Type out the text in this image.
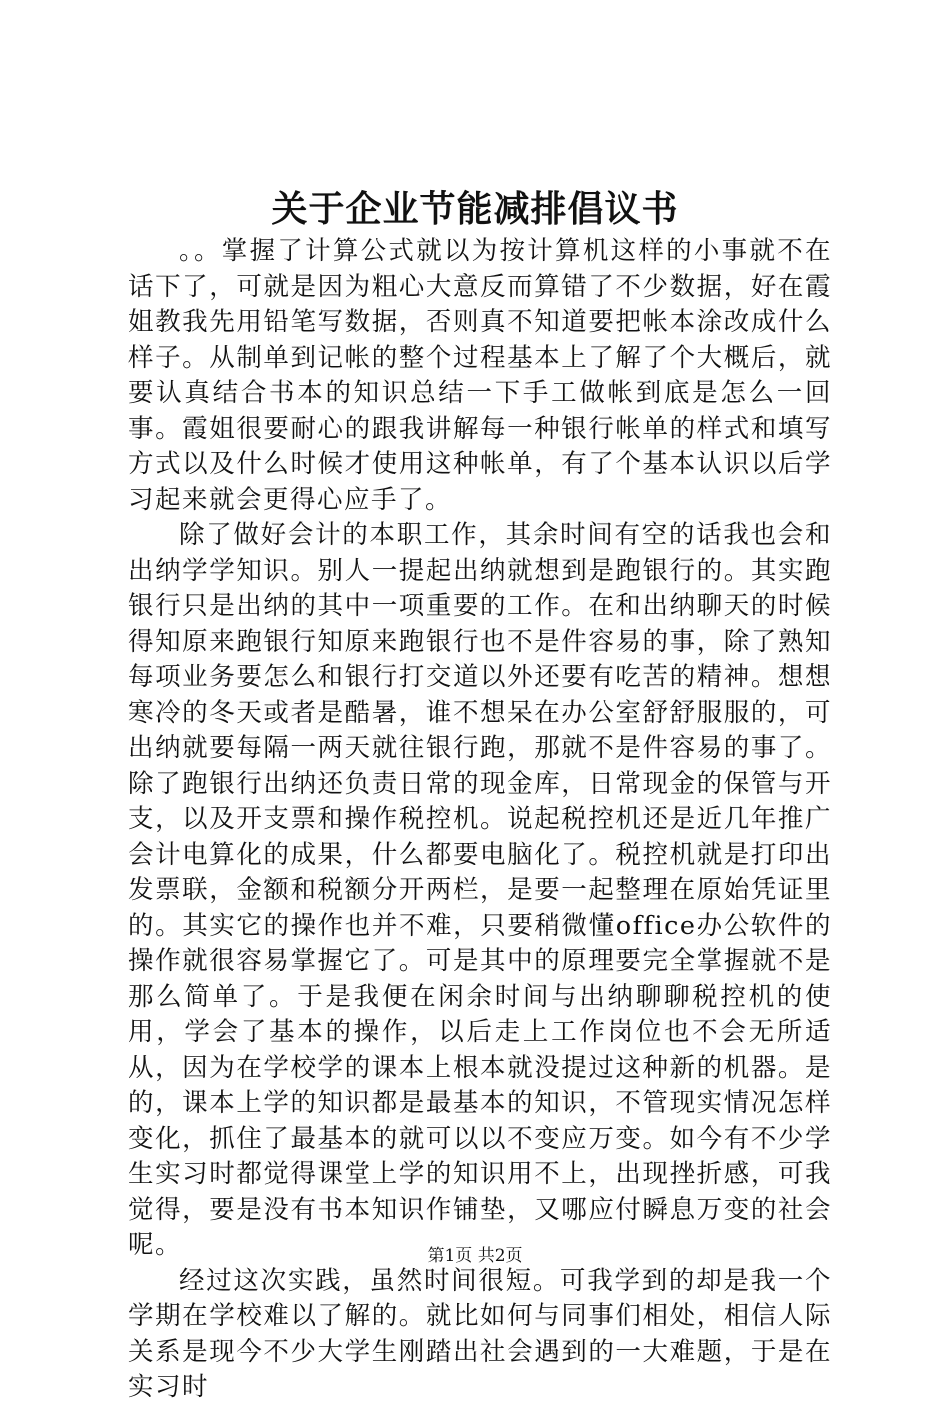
关于企业节能减排倡议书

。。掌握了计算公式就以为按计算机这样的小事就不在话下了，可就是因为粗心大意反而算错了不少数据，好在霞姐教我先用铅笔写数据，否则真不知道要把帐本涂改成什么样子。从制单到记帐的整个过程基本上了解了个大概后，就要认真结合书本的知识总结一下手工做帐到底是怎么一回事。霞姐很要耐心的跟我讲解每一种银行帐单的样式和填写方式以及什么时候才使用这种帐单，有了个基本认识以后学习起来就会更得心应手了。

除了做好会计的本职工作，其余时间有空的话我也会和出纳学学知识。别人一提起出纳就想到是跑银行的。其实跑银行只是出纳的其中一项重要的工作。在和出纳聊天的时候得知原来跑银行知原来跑银行也不是件容易的事，除了熟知每项业务要怎么和银行打交道以外还要有吃苦的精神。想想寒冷的冬天或者是酷暑，谁不想呆在办公室舒舒服服的，可出纳就要每隔一两天就往银行跑，那就不是件容易的事了。除了跑银行出纳还负责日常的现金库，日常现金的保管与开支，以及开支票和操作税控机。说起税控机还是近几年推广会计电算化的成果，什么都要电脑化了。税控机就是打印出发票联，金额和税额分开两栏，是要一起整理在原始凭证里的。其实它的操作也并不难，只要稍微懂office办公软件的操作就很容易掌握它了。可是其中的原理要完全掌握就不是那么简单了。于是我便在闲余时间与出纳聊聊税控机的使用，学会了基本的操作，以后走上工作岗位也不会无所适从，因为在学校学的课本上根本就没提过这种新的机器。是的，课本上学的知识都是最基本的知识，不管现实情况怎样变化，抓住了最基本的就可以以不变应万变。如今有不少学生实习时都觉得课堂上学的知识用不上，出现挫折感，可我觉得，要是没有书本知识作铺垫，又哪应付瞬息万变的社会呢。

经过这次实践，虽然时间很短。可我学到的却是我一个学期在学校难以了解的。就比如何与同事们相处，相信人际关系是现今不少大学生刚踏出社会遇到的一大难题，于是在实习时

第1页 共2页
